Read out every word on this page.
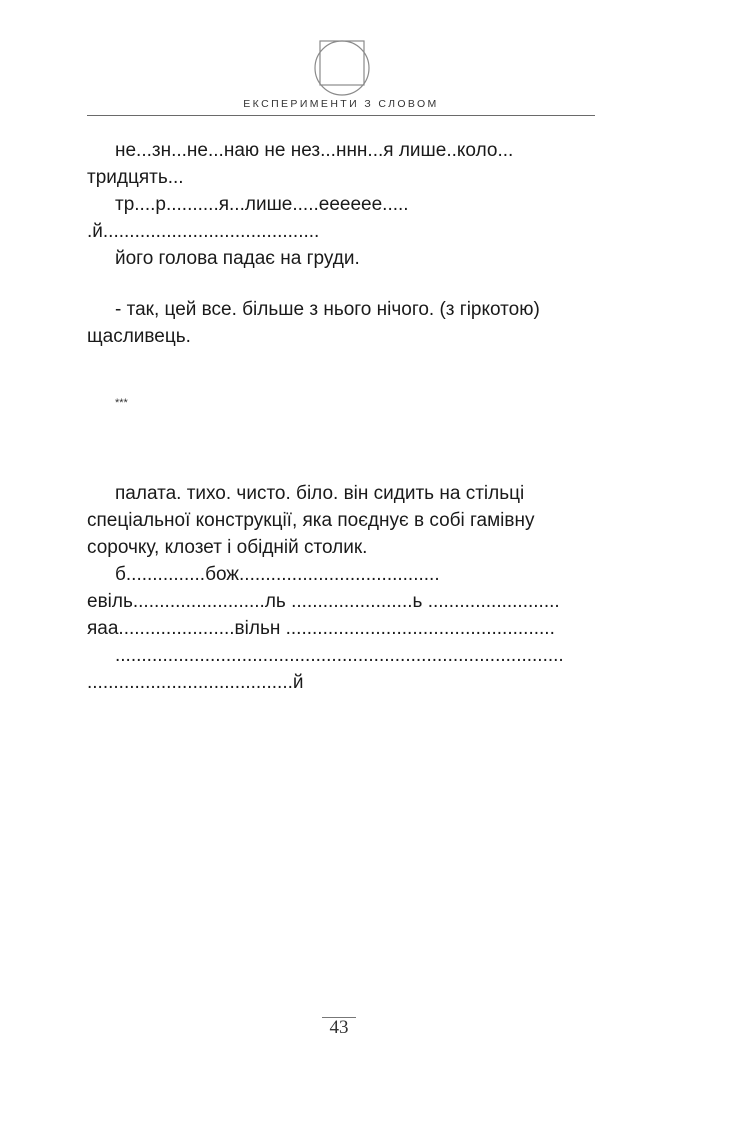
ЕКСПЕРИМЕНТИ З СЛОВОМ

не...зн...не...наю не нез...ннн...я лише..коло...

тридцять...

тр....р..........я...лише.....ееееее.....

.й.........................................

його голова падає на груди.

- так, цей все. більше з нього нічого. (з гіркотою)

щасливець.

***

палата. тихо. чисто. біло. він сидить на стільці

спеціальної конструкції, яка поєднує в собі гамівну

сорочку, клозет і обідній столик.

б...............бож......................................

евіль.........................ль .......................ь .........................

яаа......................вільн ...................................................

.....................................................................................

.......................................й

43
